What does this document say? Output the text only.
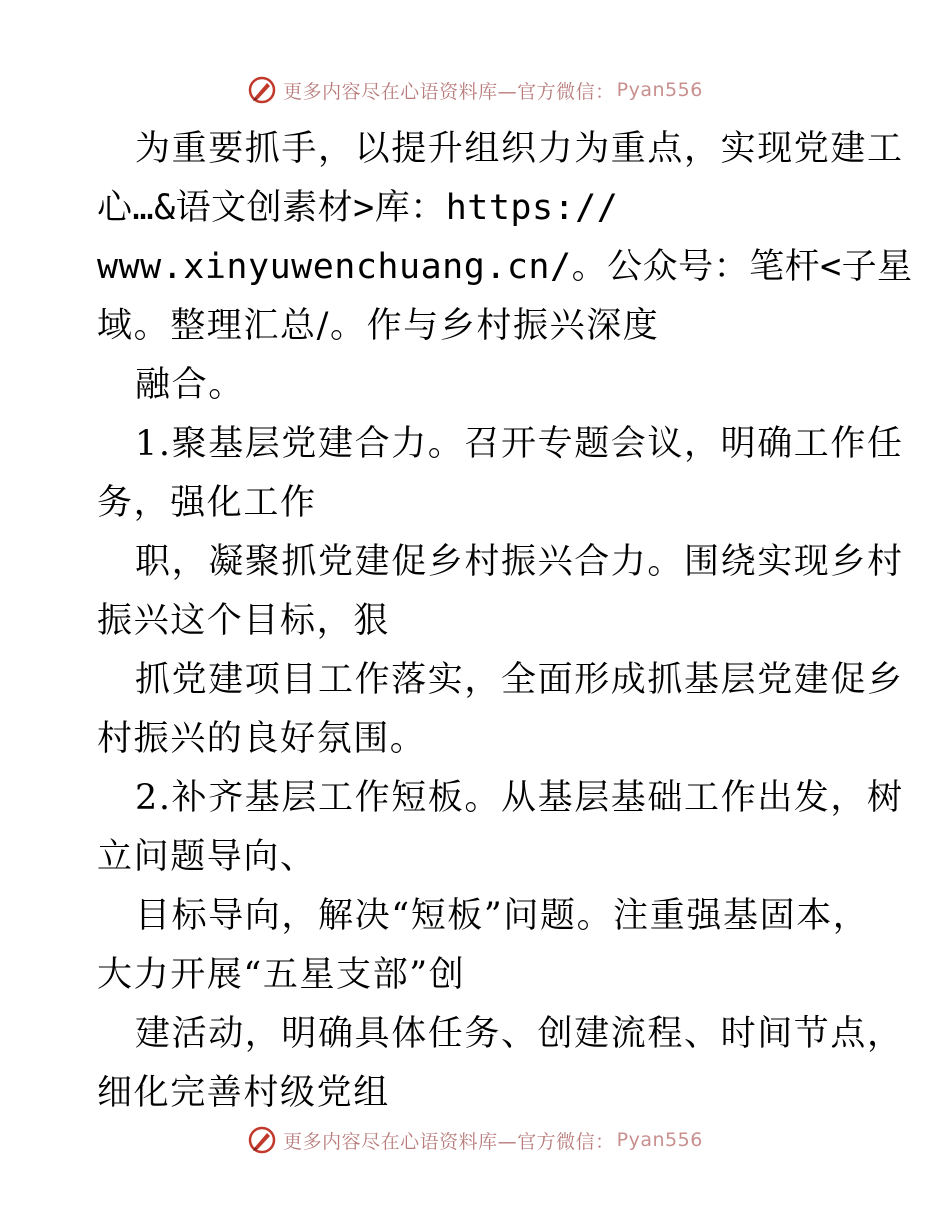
更多内容尽在心语资料库—官方微信： Pyan556
为重要抓手，以提升组织力为重点，实现党建工
心…&语文创素材>库：https://
www.xinyuwenchuang.cn/。公众号：笔杆<子星
域。整理汇总/。作与乡村振兴深度
融合。
1.聚基层党建合力。召开专题会议，明确工作任
务，强化工作
职，凝聚抓党建促乡村振兴合力。围绕实现乡村
振兴这个目标，狠
抓党建项目工作落实，全面形成抓基层党建促乡
村振兴的良好氛围。
2.补齐基层工作短板。从基层基础工作出发，树
立问题导向、
目标导向，解决“短板”问题。注重强基固本，
大力开展“五星支部”创
建活动，明确具体任务、创建流程、时间节点，
细化完善村级党组
更多内容尽在心语资料库—官方微信： Pyan556
